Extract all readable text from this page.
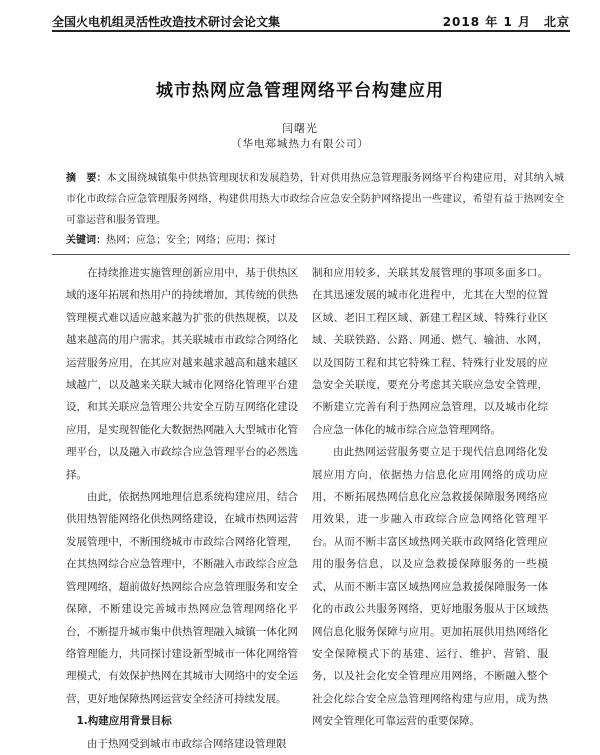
全国火电机组灵活性改造技术研讨会论文集	2018 年 1 月　北京
城市热网应急管理网络平台构建应用
闫曙光
（华电郑城热力有限公司）
摘　要：本文围绕城镇集中供热管理现状和发展趋势，针对供用热应急管理服务网络平台构建应用，对其纳入城市化市政综合应急管理服务网络，构建供用热大市政综合应急安全防护网络提出一些建议，希望有益于热网安全可靠运营和服务管理。
关键词：热网；应急；安全；网络；应用；探讨

在持续推进实施管理创新应用中，基于供热区域的逐年拓展和热用户的持续增加，其传统的供热管理模式难以适应越来越为扩张的供热规模，以及越来越高的用户需求。其关联城市市政综合网络化运营服务应用，在其应对越来越求越高和越来越区域越广，以及越来关联大城市化网络化管理平台建设，和其关联应急管理公共安全互防互网络化建设应用，是实现智能化大数据热网融入大型城市化管理平台，以及融入市政综合应急管理平台的必然选择。

由此，依据热网地理信息系统构建应用，结合供用热智能网络化供热网络建设，在城市热网运营发展管理中，不断围绕城市市政综合网络化管理，在其热网综合应急管理中，不断融入市政综合应急管理网络，超前做好热网综合应急管理服务和安全保障，不断建设完善城市热网应急管理网络化平台，不断提升城市集中供热管理融入城镇一体化网络管理能力，共同探讨建设新型城市一体化网络管理模式，有效保护热网在其城市大网络中的安全运营，更好地保障热网运营安全经济可持续发展。

1.构建应用背景目标

由于热网受到城市市政综合网络建设管理限

制和应用较多，关联其发展管理的事项多面多口。在其迅速发展的城市化进程中，尤其在大型的位置区域、老旧工程区域、新建工程区域、特殊行业区域、关联铁路、公路、网通、燃气、输油、水网，以及国防工程和其它特殊工程、特殊行业发展的应急安全关联度，要充分考虑其关联应急安全管理，不断建立完善有利于热网应急管理，以及城市化综合应急一体化的城市综合应急管理网络。

由此热网运营服务要立足于现代信息网络化发展应用方向，依据热力信息化应用网络的成功应用，不断拓展热网信息化应急救援保障服务网络应用效果，进一步融入市政综合应急网络化管理平台。从而不断丰富区域热网关联市政网络化管理应用的服务信息，以及应急救援保障服务的一些模式，从而不断丰富区域热网应急救援保障服务一体化的市政公共服务网络，更好地服务服从于区域热网信息化服务保障与应用。更加拓展供用热网络化安全保障模式下的基建、运行、维护、营销、服务，以及社会化安全管理应用网络，不断融入整个社会化综合安全应急管理网络构建与应用，成为热网安全管理化可靠运营的重要保障。
